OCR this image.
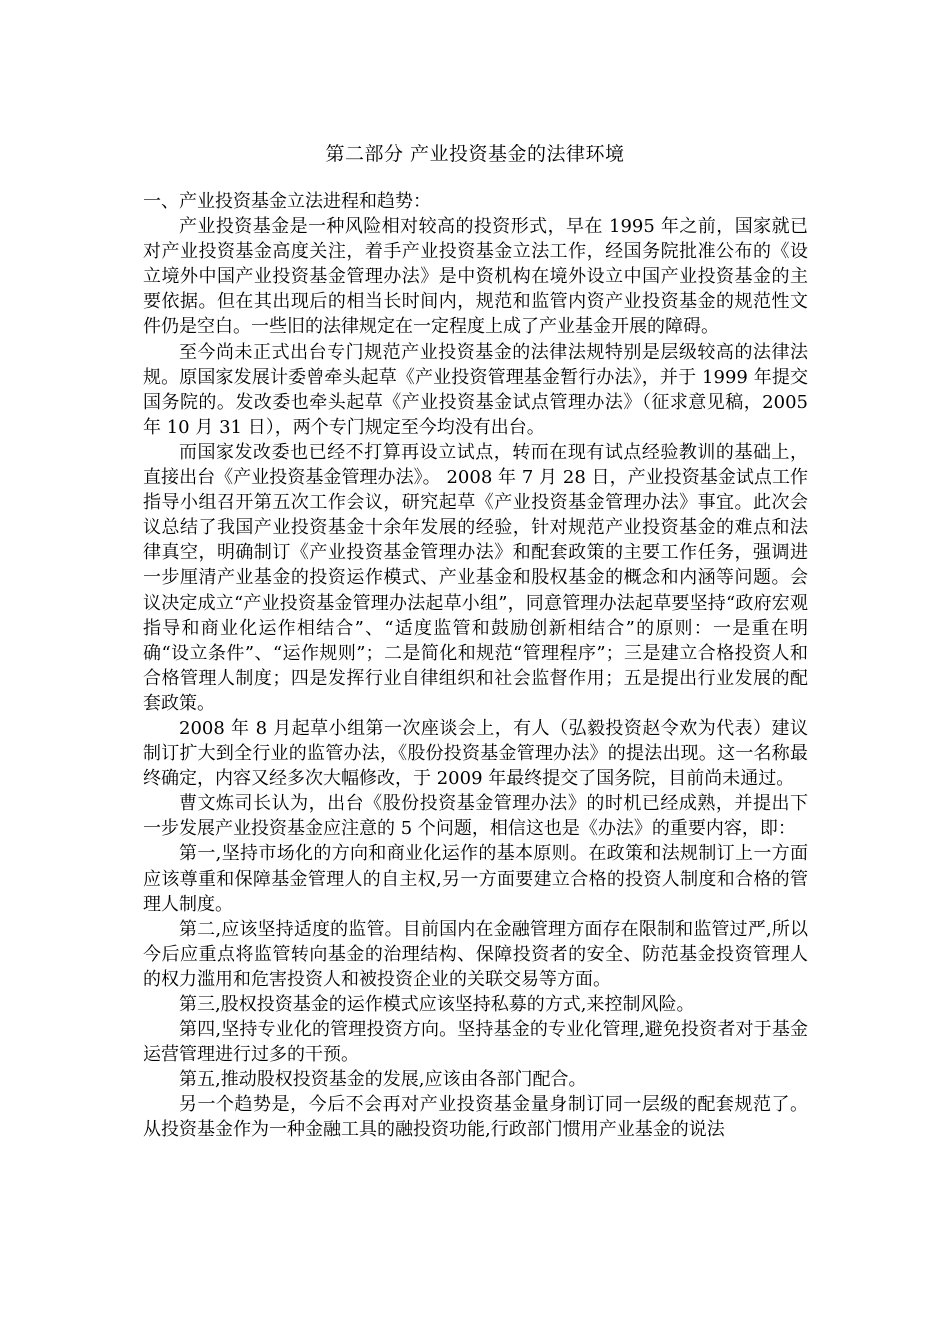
第二部分 产业投资基金的法律环境

一、产业投资基金立法进程和趋势：

产业投资基金是一种风险相对较高的投资形式，早在 1995 年之前，国家就已对产业投资基金高度关注，着手产业投资基金立法工作，经国务院批准公布的《设立境外中国产业投资基金管理办法》是中资机构在境外设立中国产业投资基金的主要依据。但在其出现后的相当长时间内，规范和监管内资产业投资基金的规范性文件仍是空白。一些旧的法律规定在一定程度上成了产业基金开展的障碍。

至今尚未正式出台专门规范产业投资基金的法律法规特别是层级较高的法律法规。原国家发展计委曾牵头起草《产业投资管理基金暂行办法》，并于 1999 年提交国务院的。发改委也牵头起草《产业投资基金试点管理办法》（征求意见稿，2005 年 10 月 31 日），两个专门规定至今均没有出台。

而国家发改委也已经不打算再设立试点，转而在现有试点经验教训的基础上，直接出台《产业投资基金管理办法》。 2008 年 7 月 28 日，产业投资基金试点工作指导小组召开第五次工作会议，研究起草《产业投资基金管理办法》事宜。此次会议总结了我国产业投资基金十余年发展的经验，针对规范产业投资基金的难点和法律真空，明确制订《产业投资基金管理办法》和配套政策的主要工作任务，强调进一步厘清产业基金的投资运作模式、产业基金和股权基金的概念和内涵等问题。会议决定成立“产业投资基金管理办法起草小组”，同意管理办法起草要坚持“政府宏观指导和商业化运作相结合”、“适度监管和鼓励创新相结合”的原则：一是重在明确“设立条件”、“运作规则”；二是简化和规范“管理程序”；三是建立合格投资人和合格管理人制度；四是发挥行业自律组织和社会监督作用；五是提出行业发展的配套政策。

2008 年 8 月起草小组第一次座谈会上，有人（弘毅投资赵令欢为代表）建议制订扩大到全行业的监管办法，《股份投资基金管理办法》的提法出现。这一名称最终确定，内容又经多次大幅修改，于 2009 年最终提交了国务院，目前尚未通过。

曹文炼司长认为，出台《股份投资基金管理办法》的时机已经成熟，并提出下一步发展产业投资基金应注意的 5 个问题，相信这也是《办法》的重要内容，即：

第一,坚持市场化的方向和商业化运作的基本原则。在政策和法规制订上一方面应该尊重和保障基金管理人的自主权,另一方面要建立合格的投资人制度和合格的管理人制度。

第二,应该坚持适度的监管。目前国内在金融管理方面存在限制和监管过严,所以今后应重点将监管转向基金的治理结构、保障投资者的安全、防范基金投资管理人的权力滥用和危害投资人和被投资企业的关联交易等方面。

第三,股权投资基金的运作模式应该坚持私募的方式,来控制风险。

第四,坚持专业化的管理投资方向。坚持基金的专业化管理,避免投资者对于基金运营管理进行过多的干预。

第五,推动股权投资基金的发展,应该由各部门配合。

另一个趋势是，今后不会再对产业投资基金量身制订同一层级的配套规范了。从投资基金作为一种金融工具的融投资功能,行政部门惯用产业基金的说法
